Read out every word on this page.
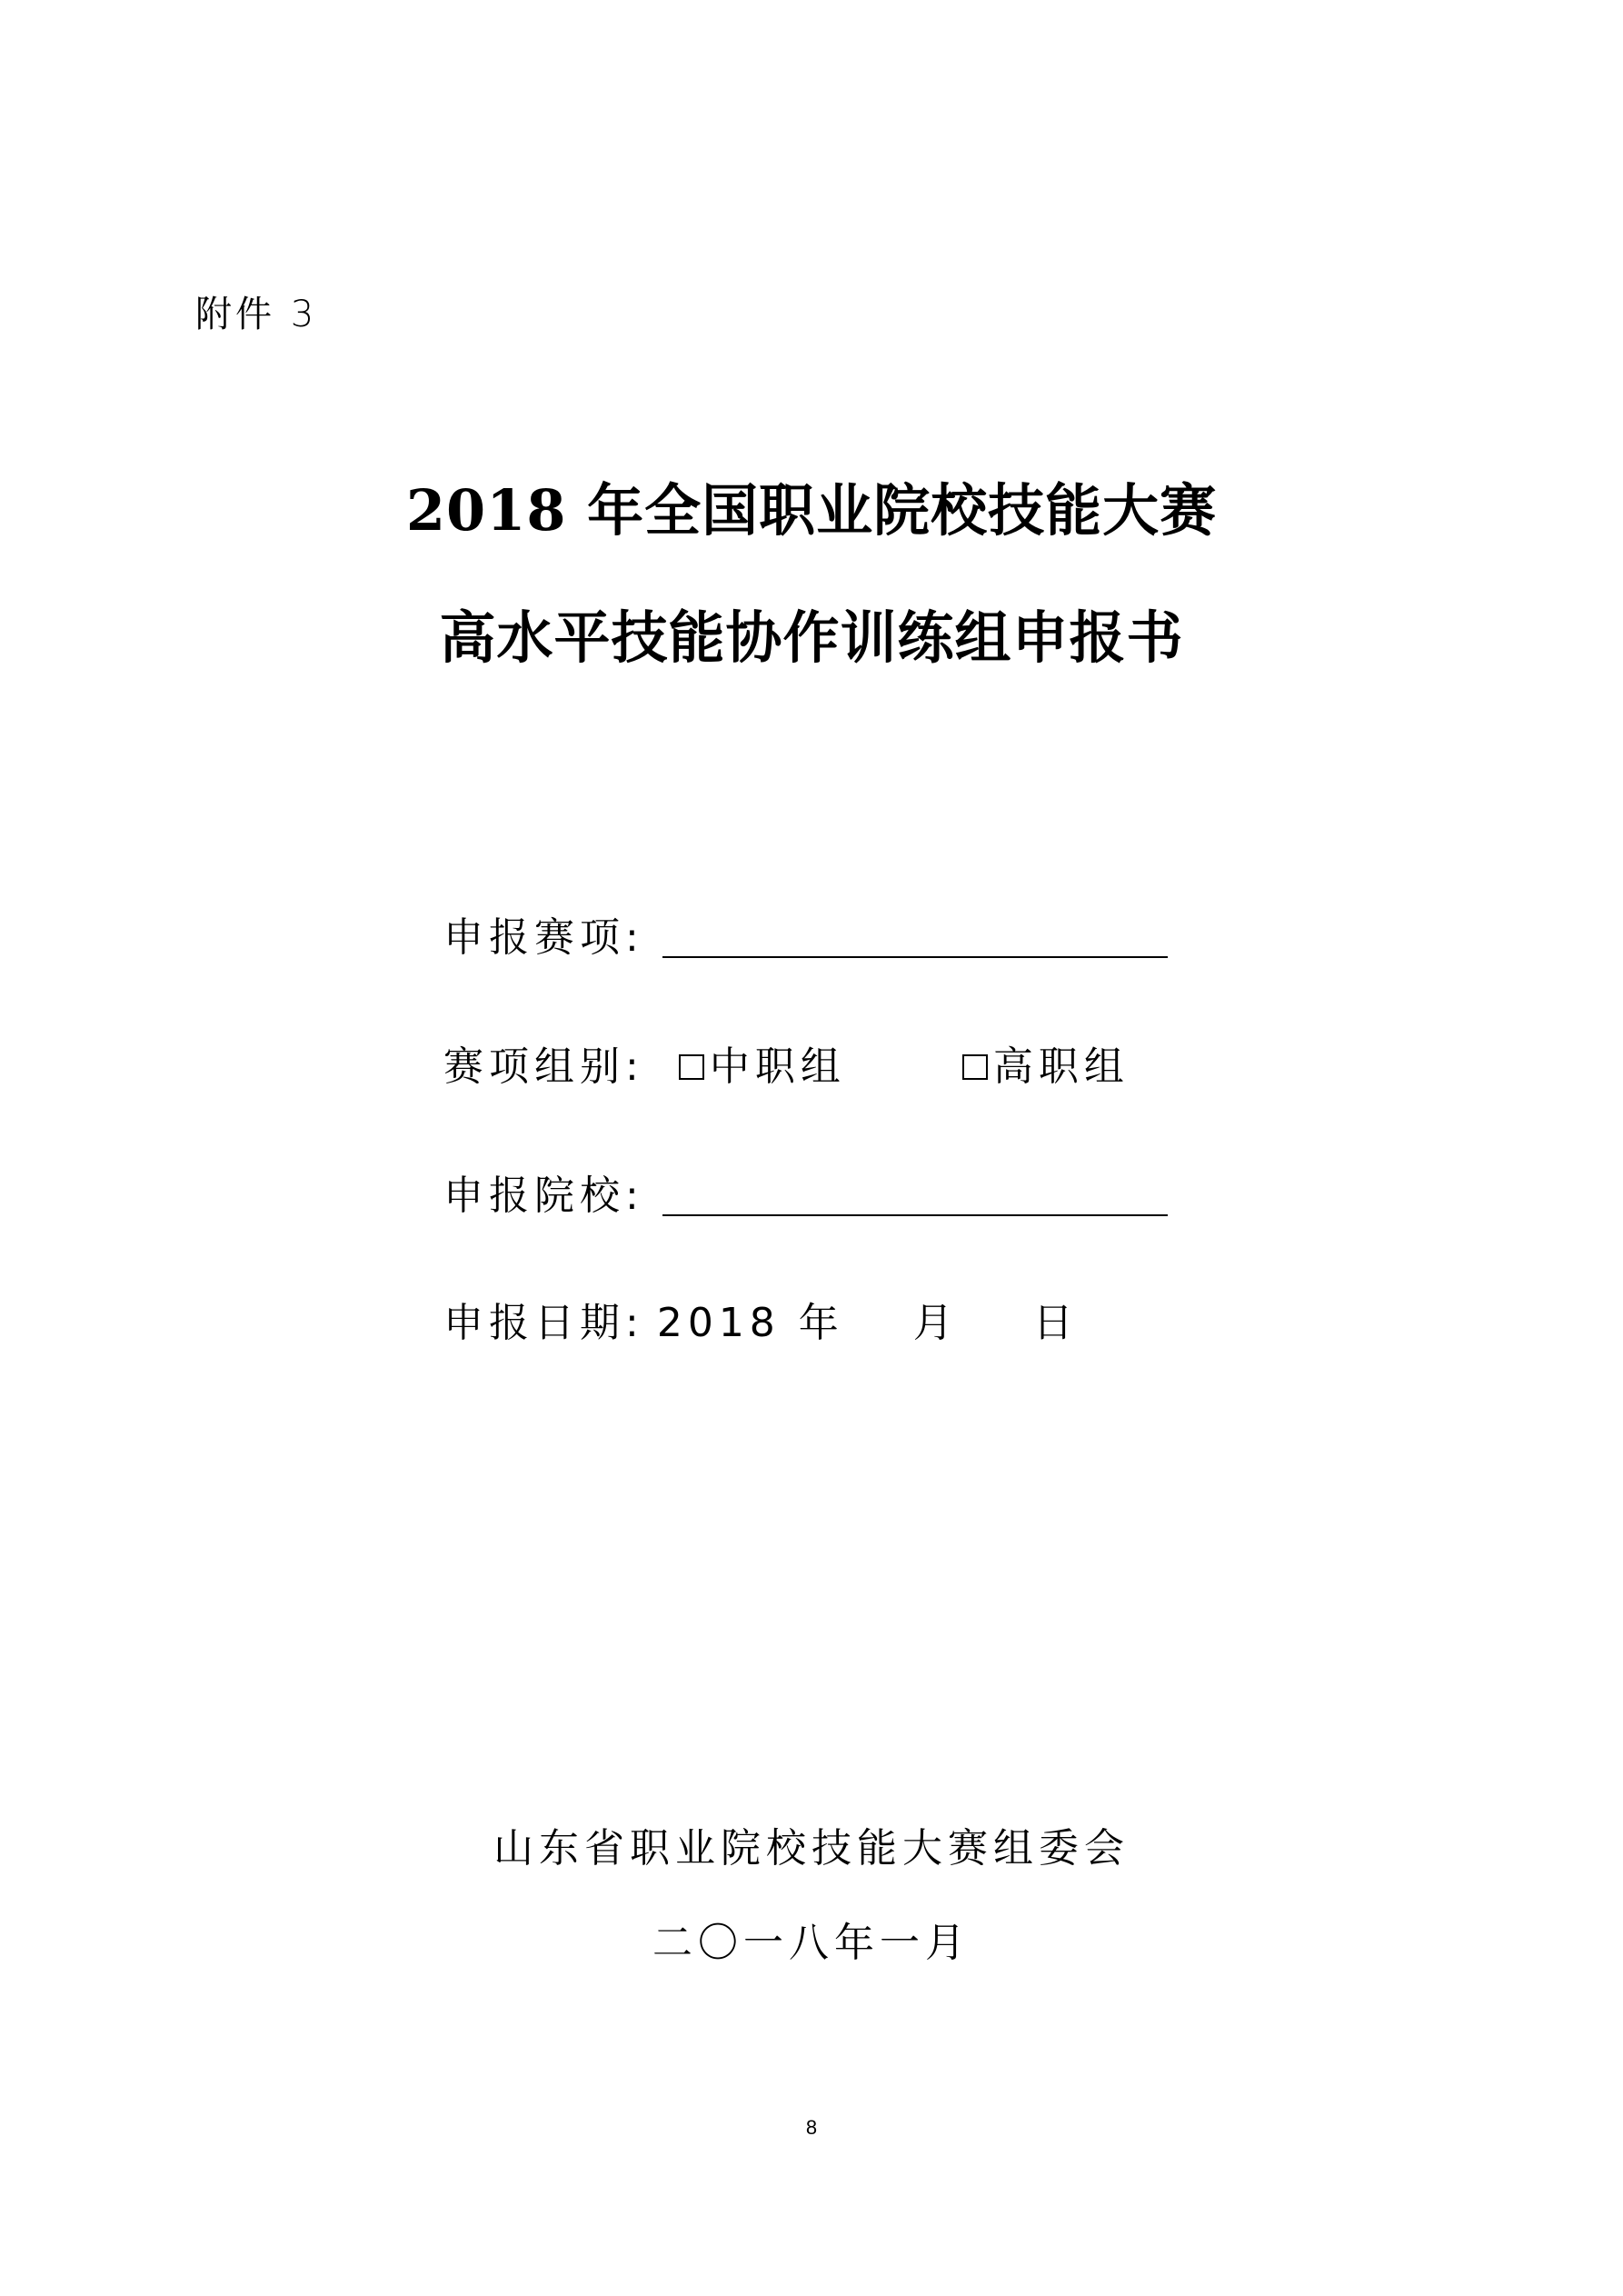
附件 3
2018 年全国职业院校技能大赛
高水平技能协作训练组申报书
申报赛项:
赛项组别: 中职组	高职组
申报院校:
申报日期: 2018 年 月 日
山东省职业院校技能大赛组委会
二〇一八年一月
8
